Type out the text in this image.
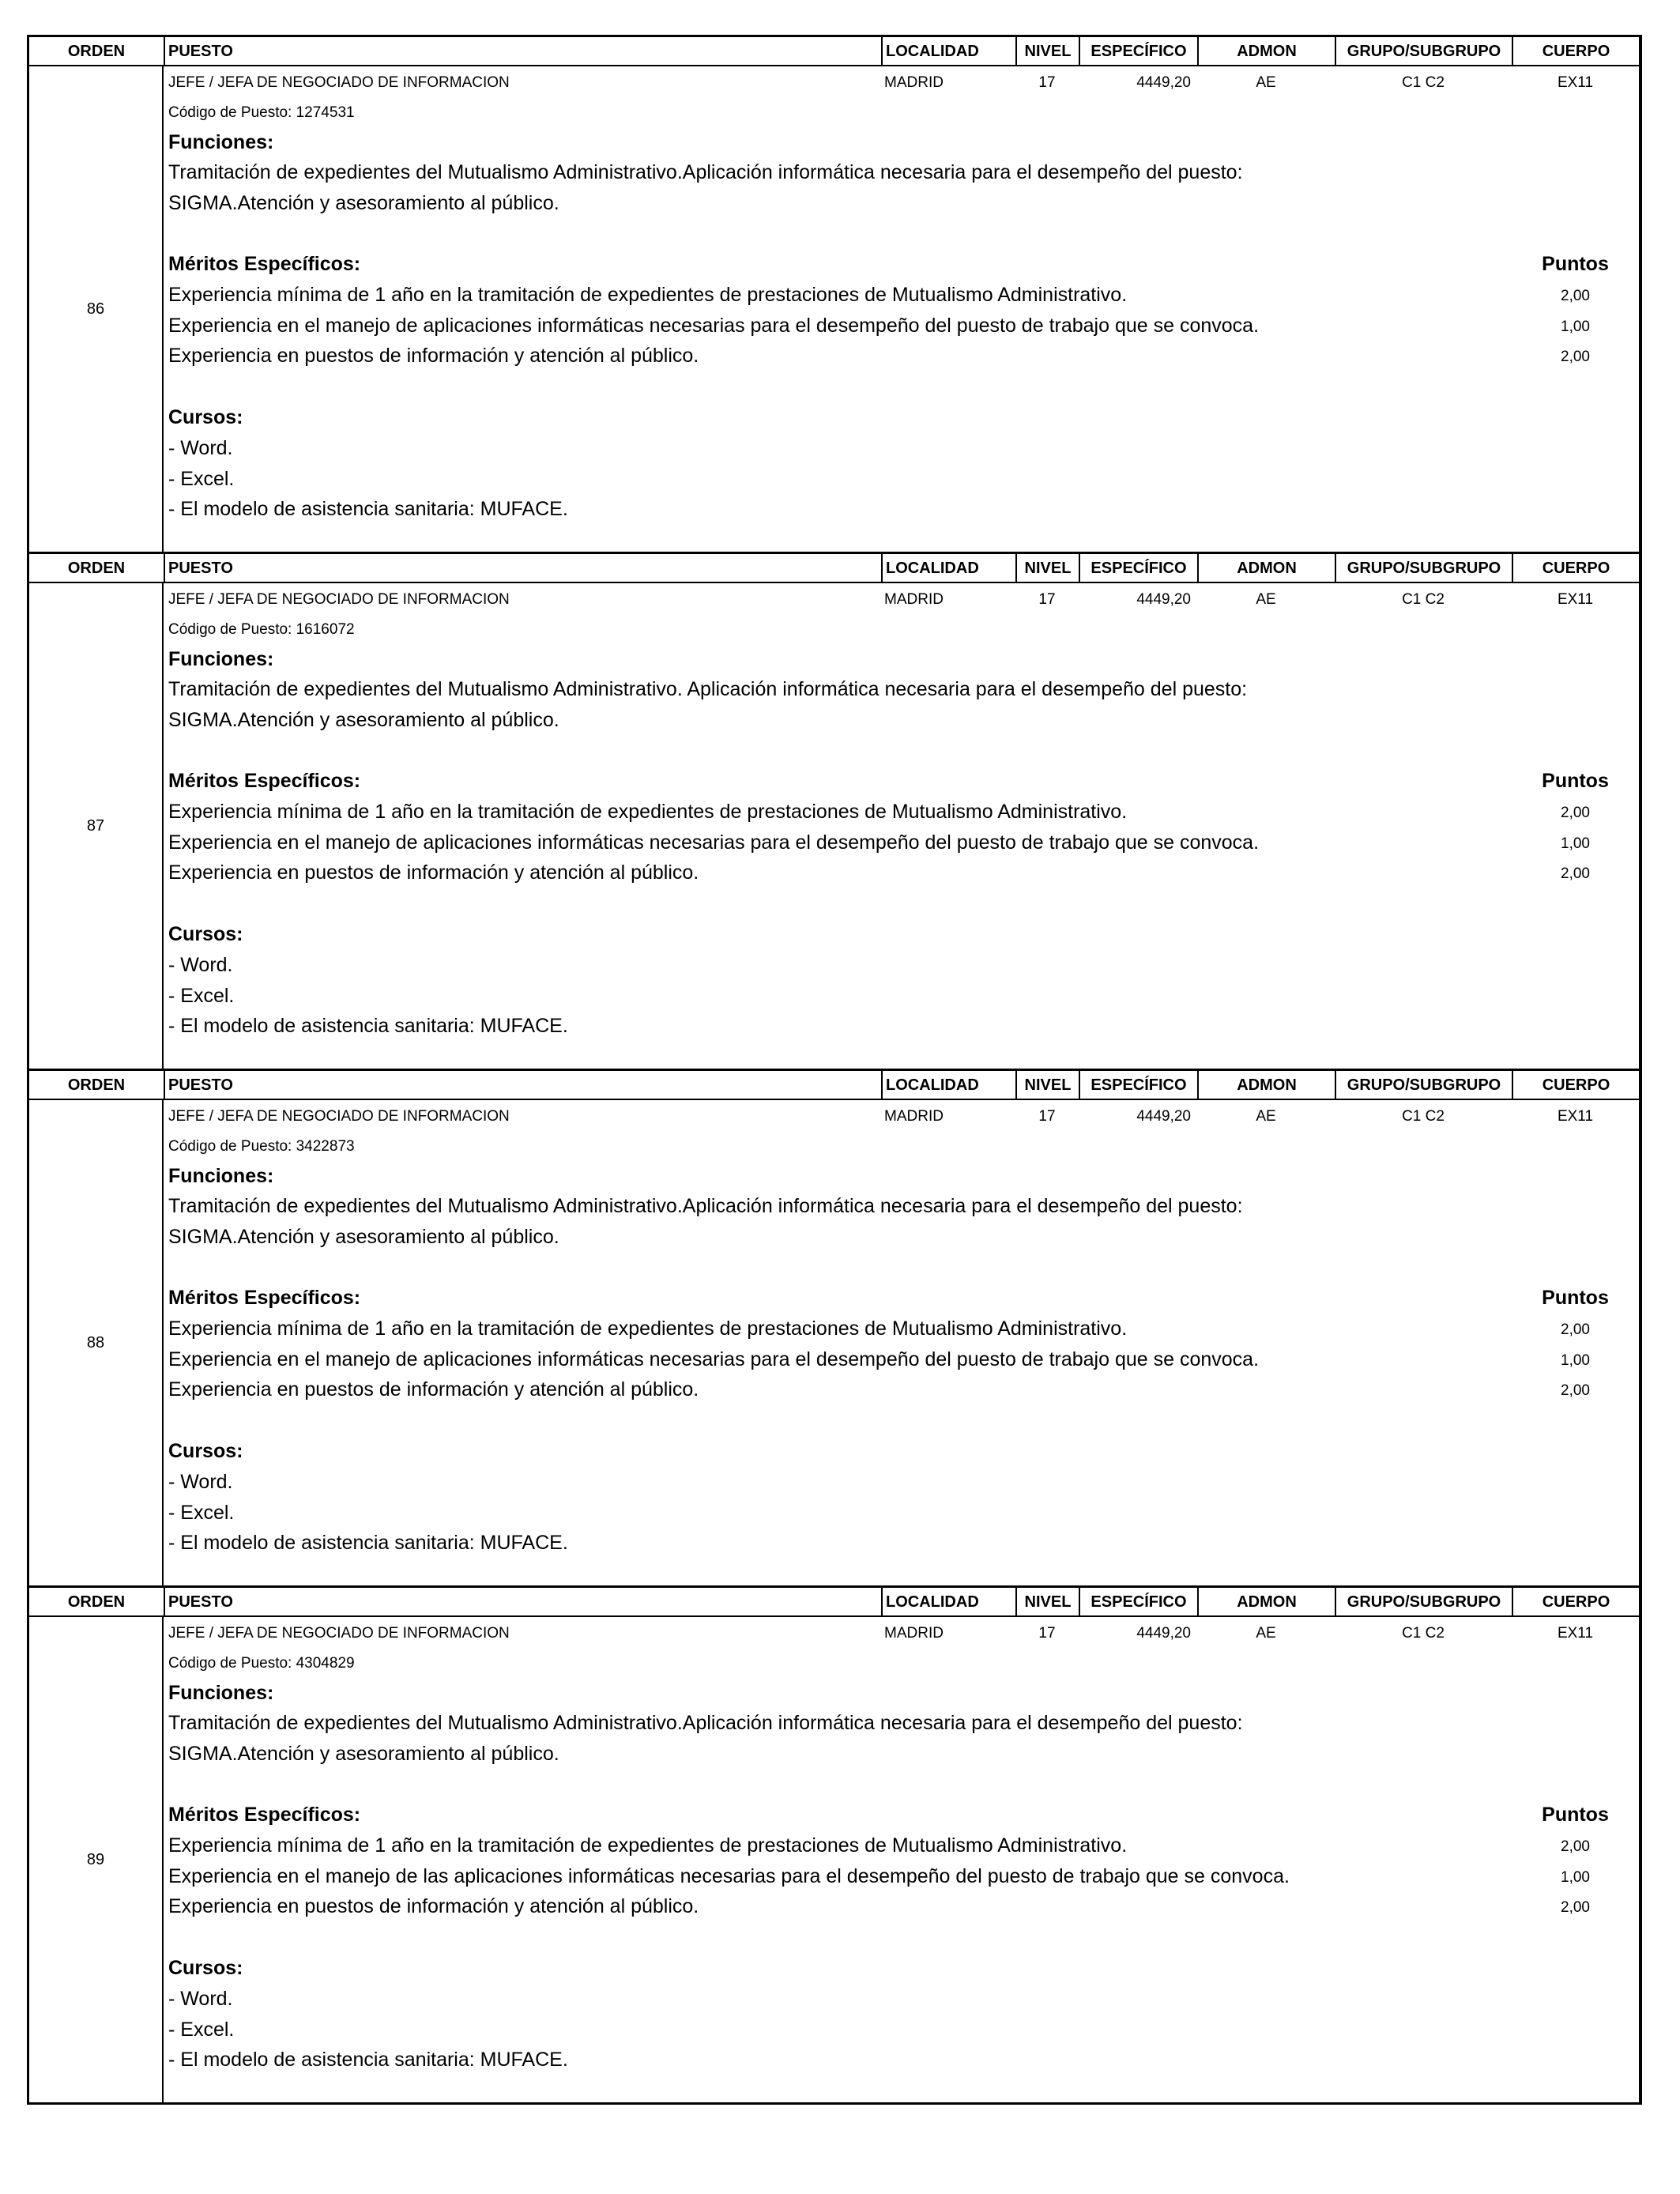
ORDEN	PUESTO	LOCALIDAD	NIVEL	ESPECÍFICO	ADMON	GRUPO/SUBGRUPO	CUERPO
86
JEFE / JEFA DE NEGOCIADO DE INFORMACION	MADRID	17	4449,20	AE	C1 C2	EX11
Código de Puesto: 1274531
Funciones:
Tramitación de expedientes del Mutualismo Administrativo.Aplicación informática necesaria para el desempeño del puesto:
SIGMA.Atención y asesoramiento al público.
Méritos Específicos:	Puntos
Experiencia mínima de 1 año en la tramitación de expedientes de prestaciones de Mutualismo Administrativo.	2,00
Experiencia en el manejo de aplicaciones informáticas necesarias para el desempeño del puesto de trabajo que se convoca.	1,00
Experiencia en puestos de información y atención al público.	2,00
Cursos:
- Word.
- Excel.
- El modelo de asistencia sanitaria: MUFACE.
ORDEN	PUESTO	LOCALIDAD	NIVEL	ESPECÍFICO	ADMON	GRUPO/SUBGRUPO	CUERPO
87
JEFE / JEFA DE NEGOCIADO DE INFORMACION	MADRID	17	4449,20	AE	C1 C2	EX11
Código de Puesto: 1616072
Funciones:
Tramitación de expedientes del Mutualismo Administrativo. Aplicación informática necesaria para el desempeño del puesto:
SIGMA.Atención y asesoramiento al público.
Méritos Específicos:	Puntos
Experiencia mínima de 1 año en la tramitación de expedientes de prestaciones de Mutualismo Administrativo.	2,00
Experiencia en el manejo de aplicaciones informáticas necesarias para el desempeño del puesto de trabajo que se convoca.	1,00
Experiencia en puestos de información y atención al público.	2,00
Cursos:
- Word.
- Excel.
- El modelo de asistencia sanitaria: MUFACE.
ORDEN	PUESTO	LOCALIDAD	NIVEL	ESPECÍFICO	ADMON	GRUPO/SUBGRUPO	CUERPO
88
JEFE / JEFA DE NEGOCIADO DE INFORMACION	MADRID	17	4449,20	AE	C1 C2	EX11
Código de Puesto: 3422873
Funciones:
Tramitación de expedientes del Mutualismo Administrativo.Aplicación informática necesaria para el desempeño del puesto:
SIGMA.Atención y asesoramiento al público.
Méritos Específicos:	Puntos
Experiencia mínima de 1 año en la tramitación de expedientes de prestaciones de Mutualismo Administrativo.	2,00
Experiencia en el manejo de aplicaciones informáticas necesarias para el desempeño del puesto de trabajo que se convoca.	1,00
Experiencia en puestos de información y atención al público.	2,00
Cursos:
- Word.
- Excel.
- El modelo de asistencia sanitaria: MUFACE.
ORDEN	PUESTO	LOCALIDAD	NIVEL	ESPECÍFICO	ADMON	GRUPO/SUBGRUPO	CUERPO
89
JEFE / JEFA DE NEGOCIADO DE INFORMACION	MADRID	17	4449,20	AE	C1 C2	EX11
Código de Puesto: 4304829
Funciones:
Tramitación de expedientes del Mutualismo Administrativo.Aplicación informática necesaria para el desempeño del puesto:
SIGMA.Atención y asesoramiento al público.
Méritos Específicos:	Puntos
Experiencia mínima de 1 año en la tramitación de expedientes de prestaciones de Mutualismo Administrativo.	2,00
Experiencia en el manejo de las aplicaciones informáticas necesarias para el desempeño del puesto de trabajo que se convoca.	1,00
Experiencia en puestos de información y atención al público.	2,00
Cursos:
- Word.
- Excel.
- El modelo de asistencia sanitaria: MUFACE.
